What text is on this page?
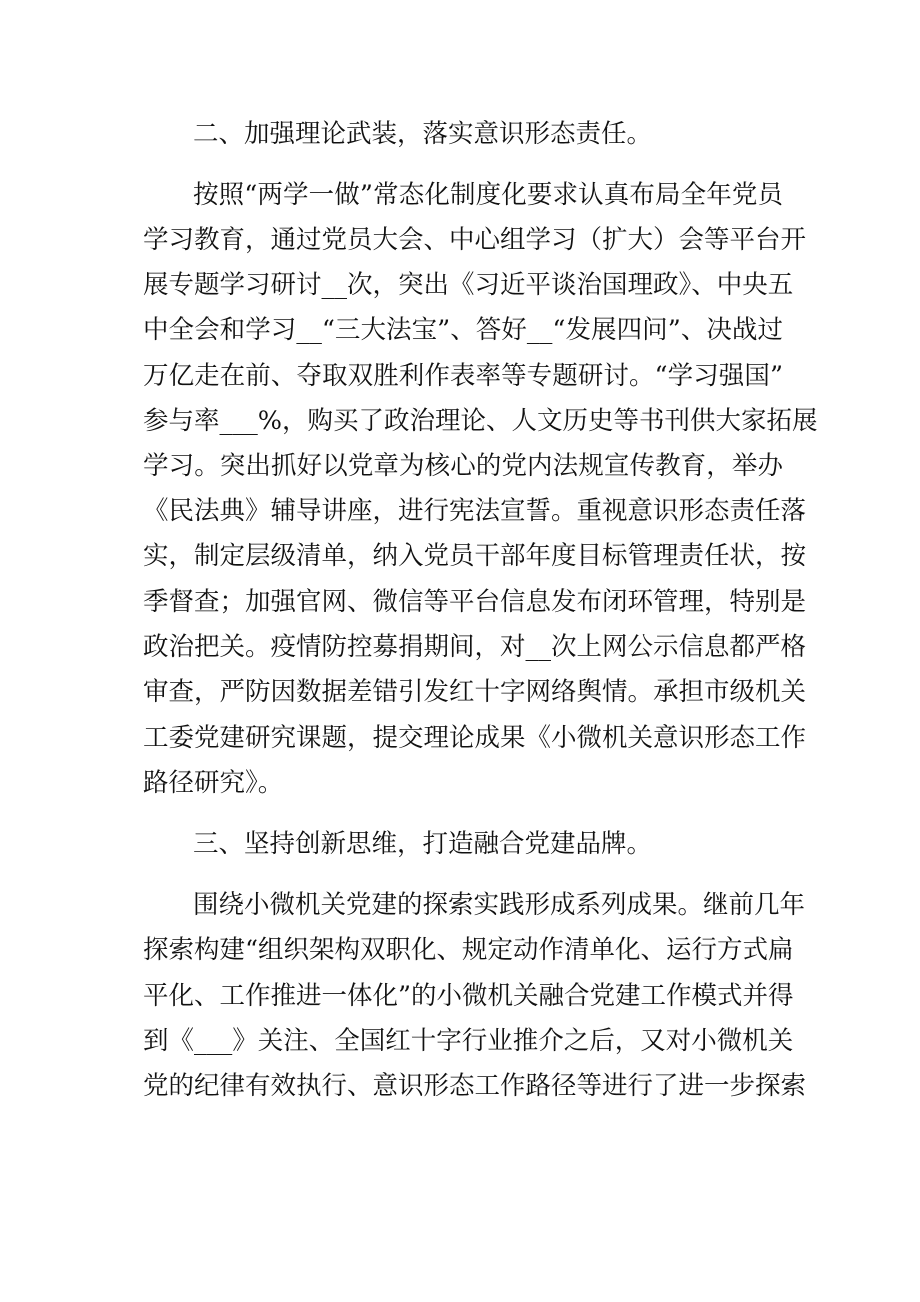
二、加强理论武装，落实意识形态责任。
按照“两学一做”常态化制度化要求认真布局全年党员
学习教育，通过党员大会、中心组学习（扩大）会等平台开
展专题学习研讨__次，突出《习近平谈治国理政》、中央五
中全会和学习__“三大法宝”、答好__“发展四问”、决战过
万亿走在前、夺取双胜利作表率等专题研讨。“学习强国”
参与率___%，购买了政治理论、人文历史等书刊供大家拓展
学习。突出抓好以党章为核心的党内法规宣传教育，举办
《民法典》辅导讲座，进行宪法宣誓。重视意识形态责任落
实，制定层级清单，纳入党员干部年度目标管理责任状，按
季督查；加强官网、微信等平台信息发布闭环管理，特别是
政治把关。疫情防控募捐期间，对__次上网公示信息都严格
审查，严防因数据差错引发红十字网络舆情。承担市级机关
工委党建研究课题，提交理论成果《小微机关意识形态工作
路径研究》。
三、坚持创新思维，打造融合党建品牌。
围绕小微机关党建的探索实践形成系列成果。继前几年
探索构建“组织架构双职化、规定动作清单化、运行方式扁
平化、工作推进一体化”的小微机关融合党建工作模式并得
到《___》关注、全国红十字行业推介之后，又对小微机关
党的纪律有效执行、意识形态工作路径等进行了进一步探索
